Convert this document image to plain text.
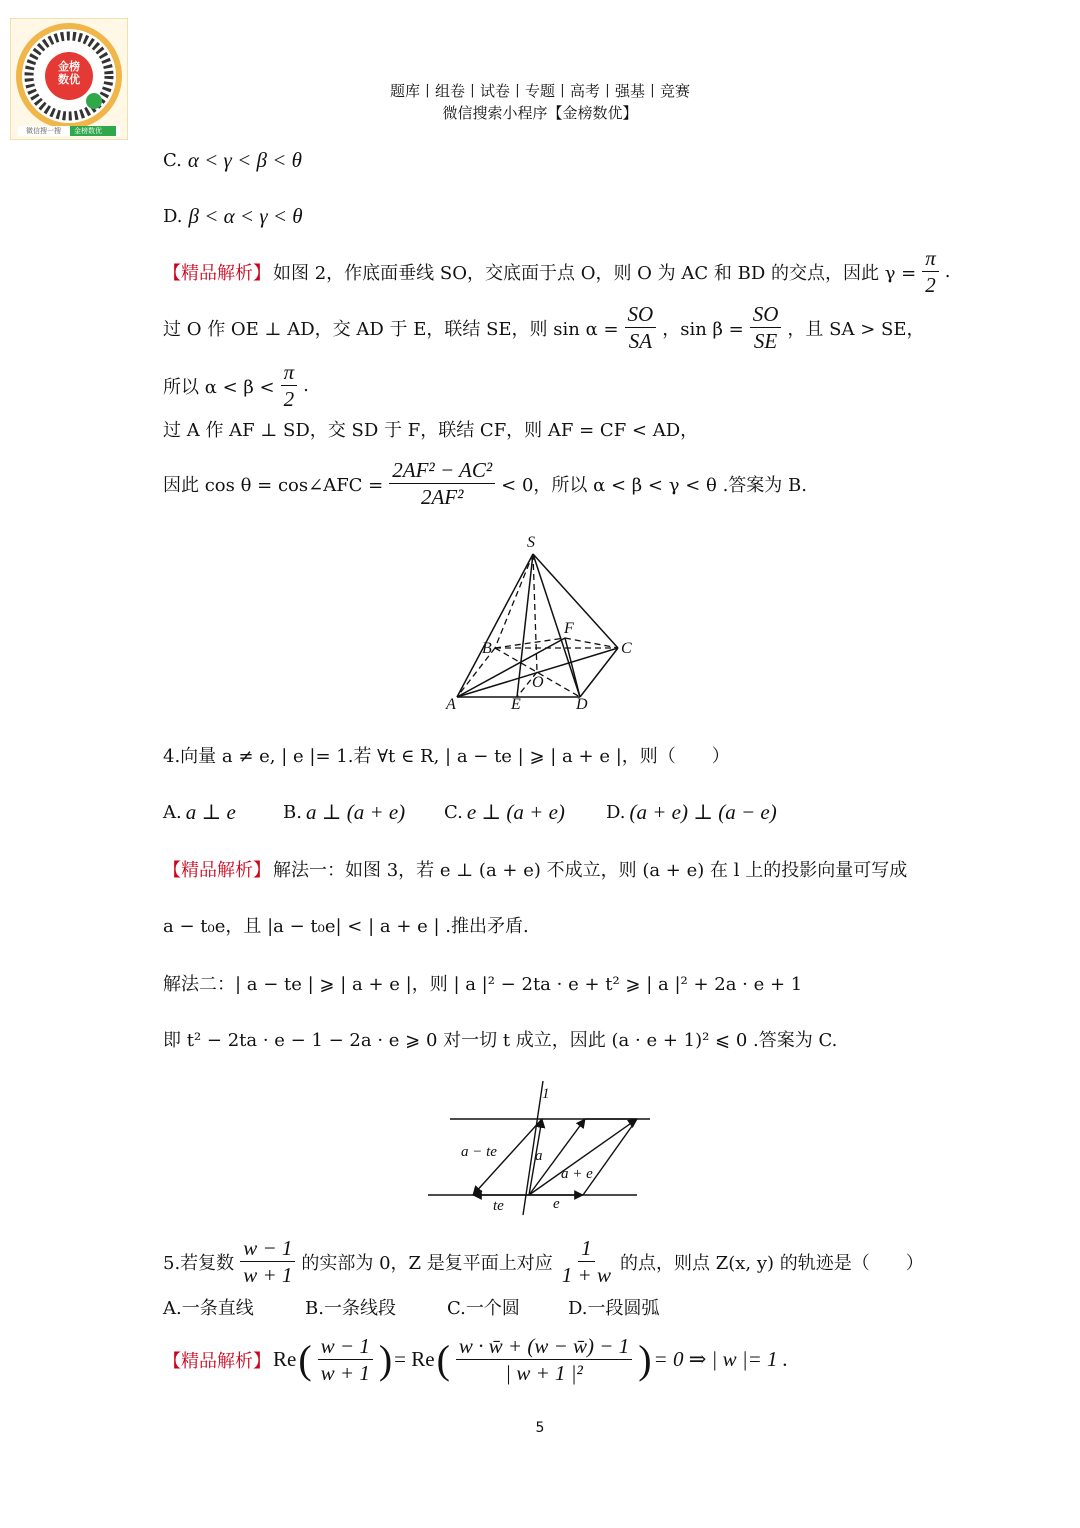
金榜
数优
微信搜一搜 金榜数优
题库丨组卷丨试卷丨专题丨高考丨强基丨竞赛
微信搜索小程序【金榜数优】
C. α < γ < β < θ
D. β < α < γ < θ
【精品解析】 如图 2，作底面垂线 SO，交底面于点 O，则 O 为 AC 和 BD 的交点，因此 $\gamma = \frac{\pi}{2}$ .
过 O 作 OE ⊥ AD，交 AD 于 E，联结 SE，则 $\sin \alpha = \frac{SO}{SA}$ ，$\sin \beta = \frac{SO}{SE}$ ，且 SA > SE，
所以 $\alpha < \beta < \frac{\pi}{2}$ .
过 A 作 AF ⊥ SD，交 SD 于 F，联结 CF，则 AF = CF < AD，
因此 cos θ = cos∠AFC = $\frac{\text{2AF² − AC²}}{\text{2AF²}} < 0$，所以 α < β < γ < θ .答案为 B.
S
B
F
C
O
A	E	D
4.向量 a ≠ e, | e |= 1.若 ∀t ∈ R, | a − te | ⩾ | a + e |，则（　　）
A. a ⊥ e	B. a ⊥ (a + e) C. e ⊥ (a + e) D. (a + e) ⊥ (a − e)
【精品解析】 解法一：如图 3，若 e ⊥ (a + e) 不成立，则 (a + e) 在 l 上的投影向量可写成
a − t₀e，且 |a − t₀e| < | a + e | .推出矛盾.
解法二：| a − te | ⩾ | a + e |，则 | a |² − 2ta · e + t² ⩾ | a |² + 2a · e + 1
即 t² − 2ta · e − 1 − 2a · e ⩾ 0 对一切 t 成立，因此 (a · e + 1)² ⩽ 0 .答案为 C.
1
a − te	a
a + e
te	e
5.若复数 $\frac{w - 1}{w + 1}$ 的实部为 0，Z 是复平面上对应 $\frac{1}{1 + w}$ 的点，则点 Z(x, y) 的轨迹是（　　）
A.一条直线	B.一条线段	C.一个圆	D.一段圆弧
【精品解析】 Re ( $\frac{w - 1}{w + 1}$ ) = Re ( $\frac{w \cdot w̄ + (w - w̄) - 1}{\text{| w + 1 |²}}$ ) = 0 ⇒ | w |= 1 .
5
